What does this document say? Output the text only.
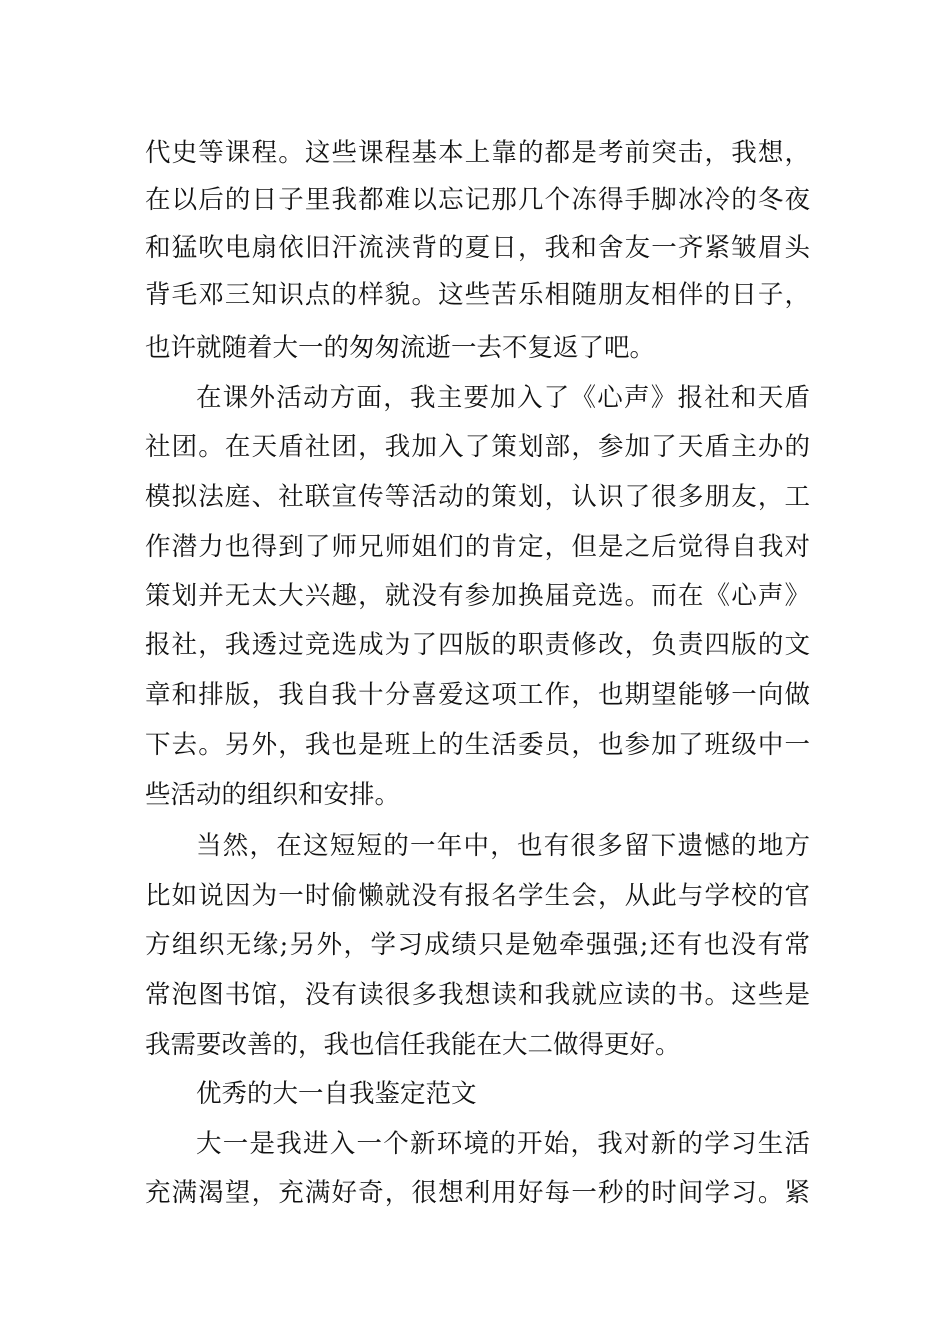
代史等课程。这些课程基本上靠的都是考前突击，我想，
在以后的日子里我都难以忘记那几个冻得手脚冰冷的冬夜
和猛吹电扇依旧汗流浃背的夏日，我和舍友一齐紧皱眉头
背毛邓三知识点的样貌。这些苦乐相随朋友相伴的日子，
也许就随着大一的匆匆流逝一去不复返了吧。
在课外活动方面，我主要加入了《心声》报社和天盾
社团。在天盾社团，我加入了策划部，参加了天盾主办的
模拟法庭、社联宣传等活动的策划，认识了很多朋友，工
作潜力也得到了师兄师姐们的肯定，但是之后觉得自我对
策划并无太大兴趣，就没有参加换届竞选。而在《心声》
报社，我透过竞选成为了四版的职责修改，负责四版的文
章和排版，我自我十分喜爱这项工作，也期望能够一向做
下去。另外，我也是班上的生活委员，也参加了班级中一
些活动的组织和安排。
当然，在这短短的一年中，也有很多留下遗憾的地方
比如说因为一时偷懒就没有报名学生会，从此与学校的官
方组织无缘;另外，学习成绩只是勉牵强强;还有也没有常
常泡图书馆，没有读很多我想读和我就应读的书。这些是
我需要改善的，我也信任我能在大二做得更好。
优秀的大一自我鉴定范文
大一是我进入一个新环境的开始，我对新的学习生活
充满渴望，充满好奇，很想利用好每一秒的时间学习。紧
